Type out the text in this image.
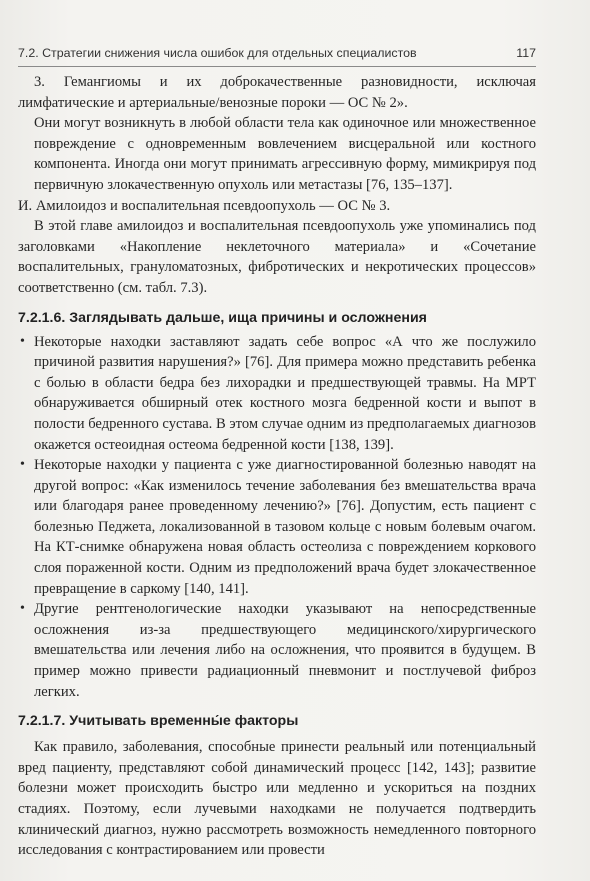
7.2. Стратегии снижения числа ошибок для отдельных специалистов	117

3. Гемангиомы и их доброкачественные разновидности, исключая лимфатические и артериальные/венозные пороки — ОС № 2».

Они могут возникнуть в любой области тела как одиночное или множественное повреждение с одновременным вовлечением висцеральной или костного компонента. Иногда они могут принимать агрессивную форму, мимикрируя под первичную злокачественную опухоль или метастазы [76, 135–137].

И. Амилоидоз и воспалительная псевдоопухоль — ОС № 3.

В этой главе амилоидоз и воспалительная псевдоопухоль уже упоминались под заголовками «Накопление неклеточного материала» и «Сочетание воспалительных, грануломатозных, фибротических и некротических процессов» соответственно (см. табл. 7.3).

7.2.1.6. Заглядывать дальше, ища причины и осложнения
• Некоторые находки заставляют задать себе вопрос «А что же послужило причиной развития нарушения?» [76]. Для примера можно представить ребенка с болью в области бедра без лихорадки и предшествующей травмы. На МРТ обнаруживается обширный отек костного мозга бедренной кости и выпот в полости бедренного сустава. В этом случае одним из предполагаемых диагнозов окажется остеоидная остеома бедренной кости [138, 139].
• Некоторые находки у пациента с уже диагностированной болезнью наводят на другой вопрос: «Как изменилось течение заболевания без вмешательства врача или благодаря ранее проведенному лечению?» [76]. Допустим, есть пациент с болезнью Педжета, локализованной в тазовом кольце с новым болевым очагом. На КТ-снимке обнаружена новая область остеолиза с повреждением коркового слоя пораженной кости. Одним из предположений врача будет злокачественное превращение в саркому [140, 141].
• Другие рентгенологические находки указывают на непосредственные осложнения из-за предшествующего медицинского/хирургического вмешательства или лечения либо на осложнения, что проявится в будущем. В пример можно привести радиационный пневмонит и постлучевой фиброз легких.
7.2.1.7. Учитывать временны́е факторы

Как правило, заболевания, способные принести реальный или потенциальный вред пациенту, представляют собой динамический процесс [142, 143]; развитие болезни может происходить быстро или медленно и ускориться на поздних стадиях. Поэтому, если лучевыми находками не получается подтвердить клинический диагноз, нужно рассмотреть возможность немедленного повторного исследования с контрастированием или провести
